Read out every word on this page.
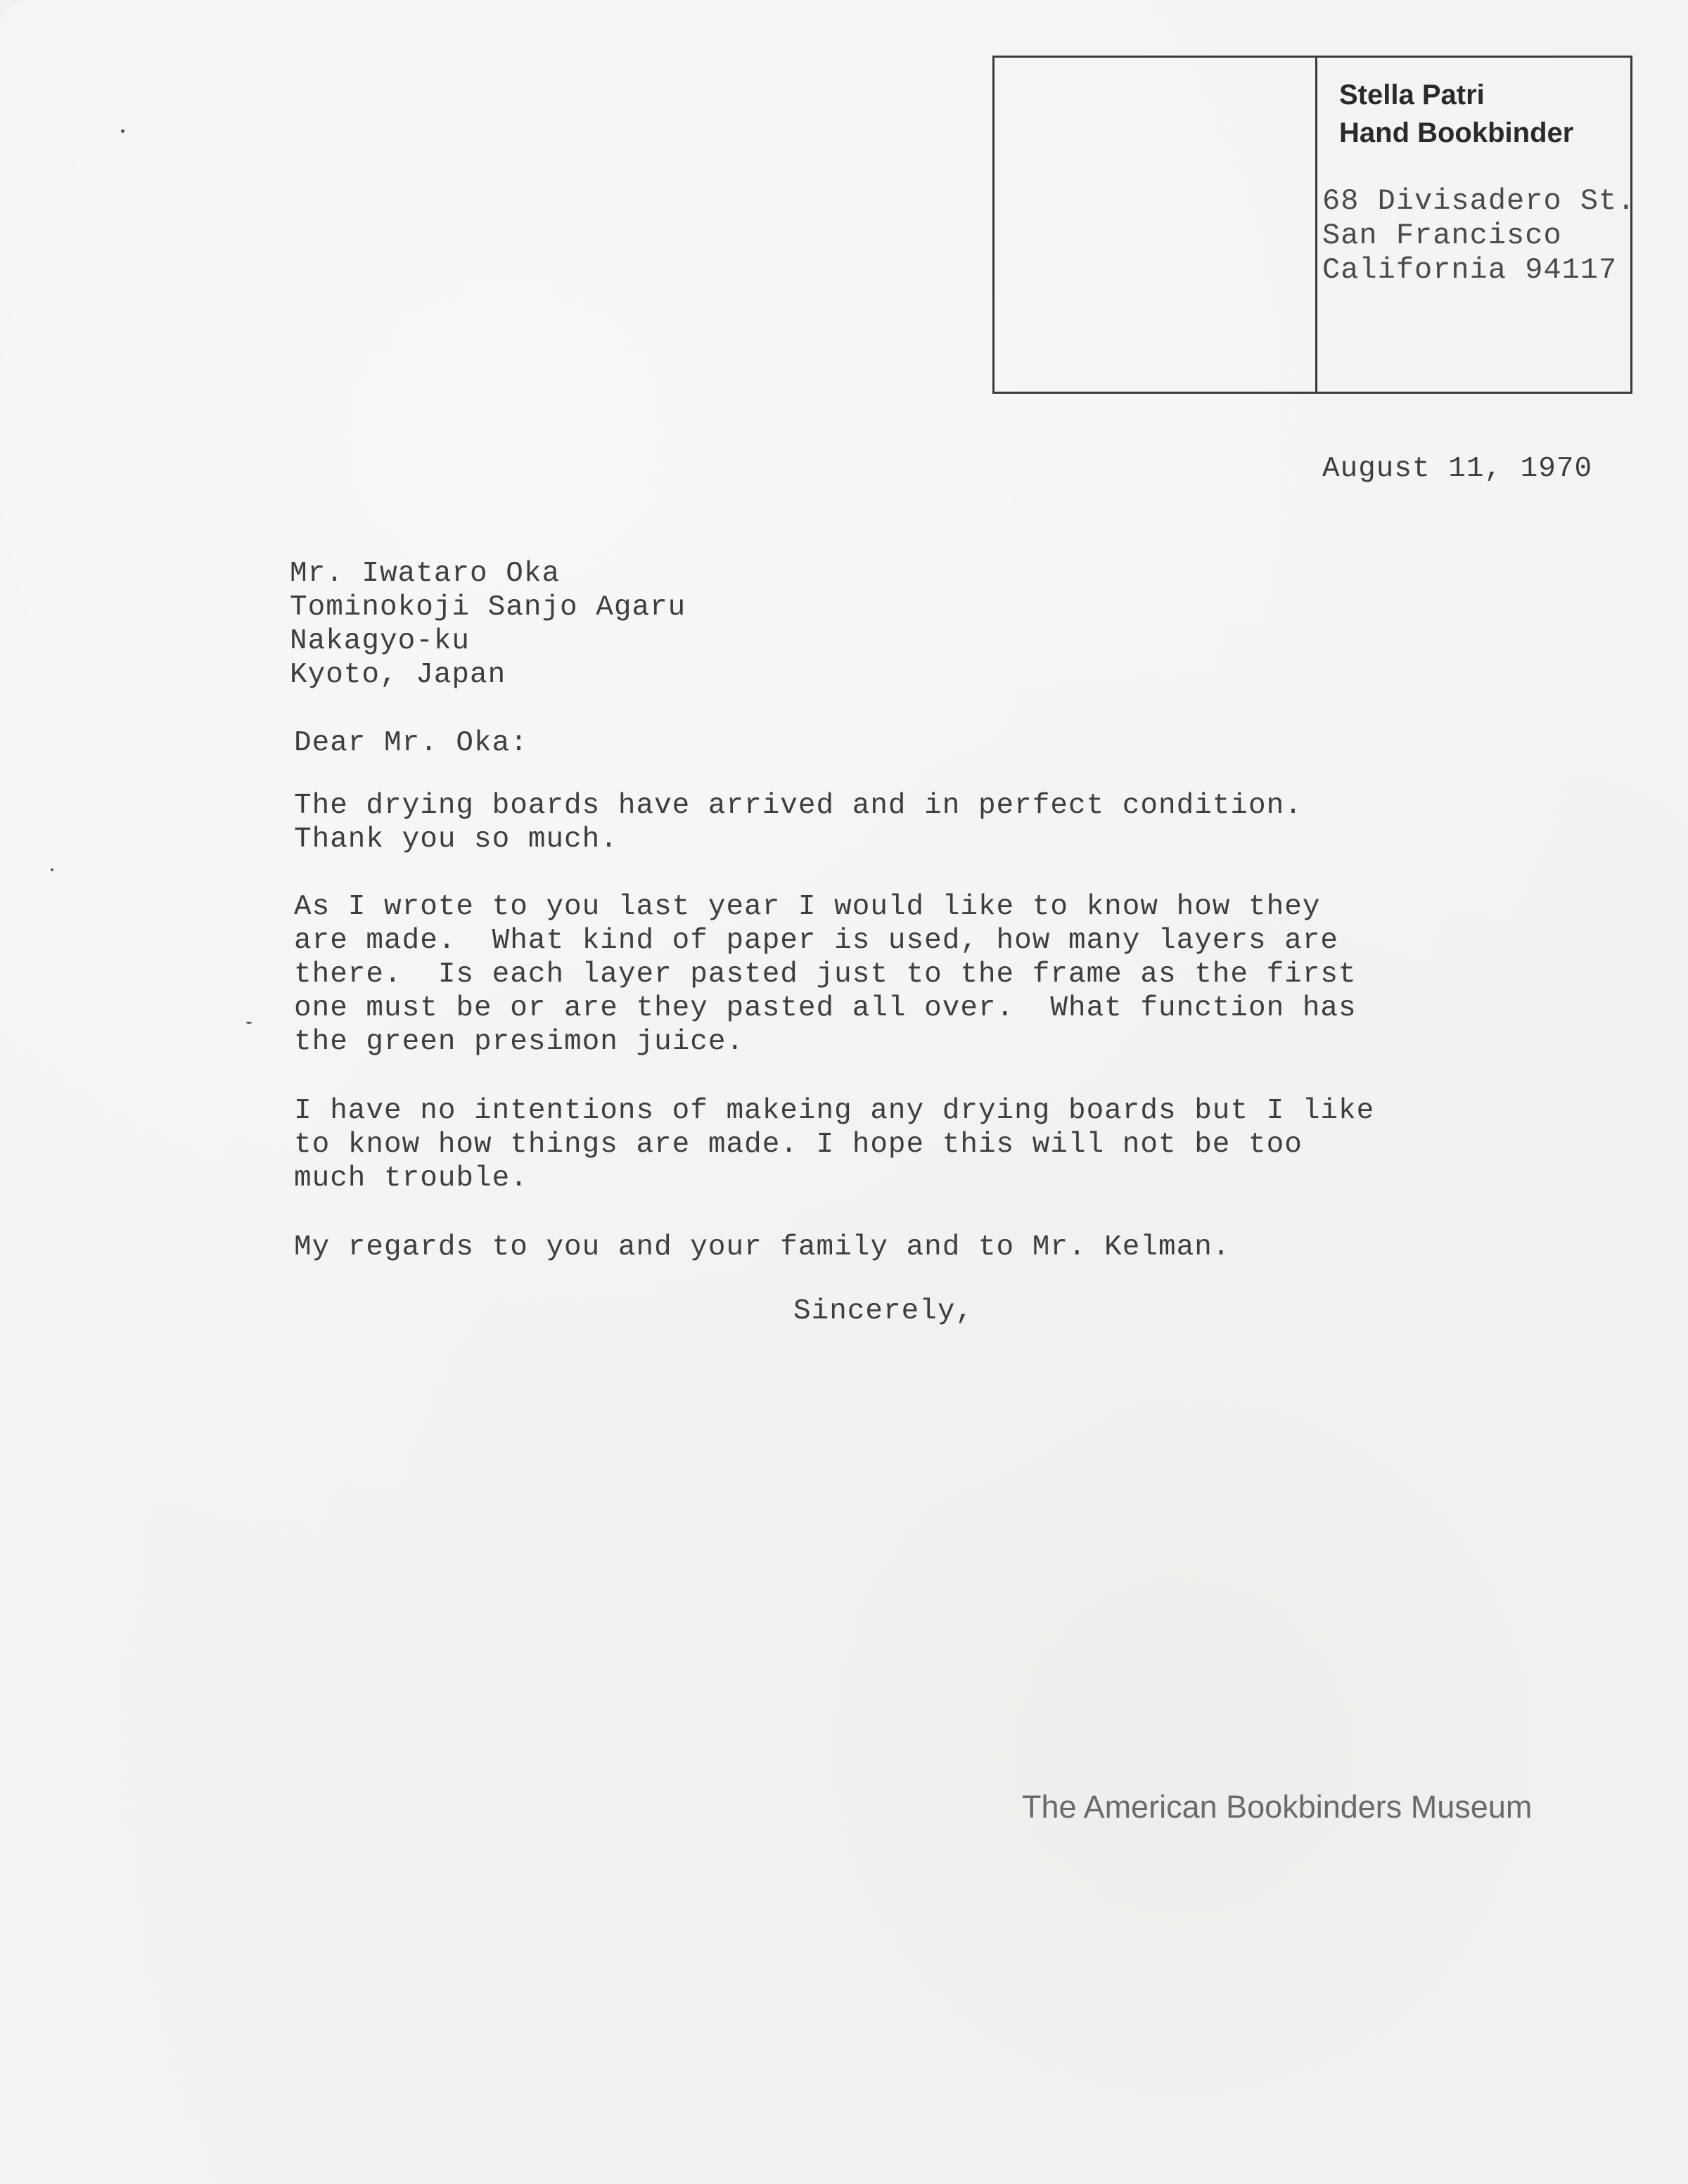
Stella Patri
Hand Bookbinder
68 Divisadero St.
San Francisco
California 94117
August 11, 1970
Mr. Iwataro Oka
Tominokoji Sanjo Agaru
Nakagyo-ku
Kyoto, Japan
Dear Mr. Oka:
The drying boards have arrived and in perfect condition.
Thank you so much.
As I wrote to you last year I would like to know how they
are made.  What kind of paper is used, how many layers are
there.  Is each layer pasted just to the frame as the first
one must be or are they pasted all over.  What function has
the green presimon juice.
I have no intentions of makeing any drying boards but I like
to know how things are made. I hope this will not be too
much trouble.
My regards to you and your family and to Mr. Kelman.
Sincerely,
The American Bookbinders Museum
